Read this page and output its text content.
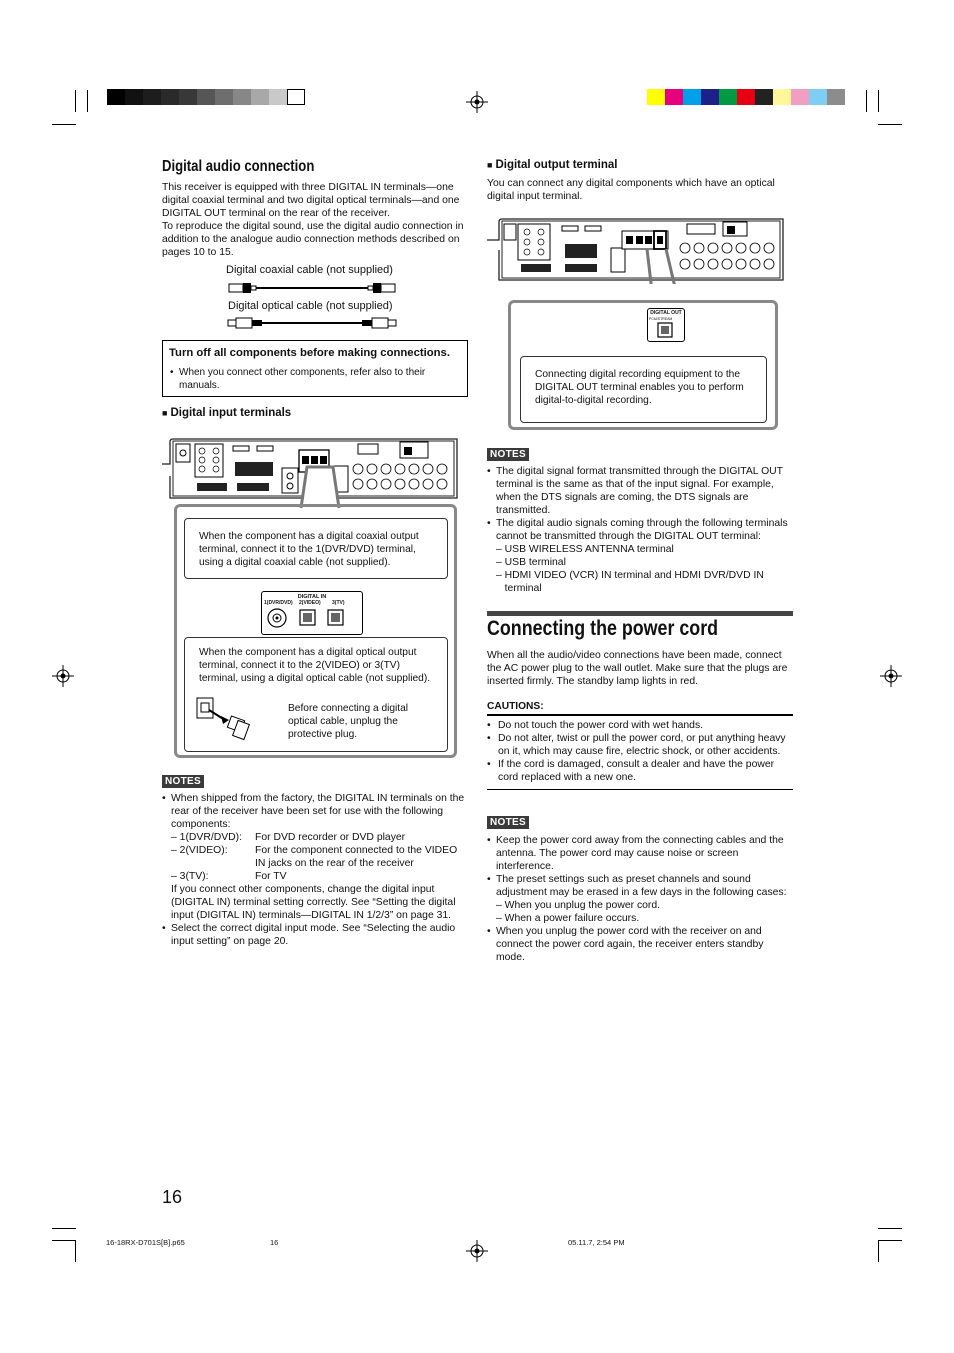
Digital audio connection
This receiver is equipped with three DIGITAL IN terminals—one
digital coaxial terminal and two digital optical terminals—and one
DIGITAL OUT terminal on the rear of the receiver.
To reproduce the digital sound, use the digital audio connection in
addition to the analogue audio connection methods described on
pages 10 to 15.
Digital coaxial cable (not supplied)
Digital optical cable (not supplied)
Turn off all components before making connections.
• When you connect other components, refer also to their
manuals.
■ Digital input terminals
When the component has a digital coaxial output
terminal, connect it to the 1(DVR/DVD) terminal,
using a digital coaxial cable (not supplied).
DIGITAL IN
1(DVR/DVD) 2(VIDEO) 3(TV)
When the component has a digital optical output
terminal, connect it to the 2(VIDEO) or 3(TV)
terminal, using a digital optical cable (not supplied).
Before connecting a digital
optical cable, unplug the
protective plug.
NOTES
• When shipped from the factory, the DIGITAL IN terminals on the
rear of the receiver have been set for use with the following
components:
– 1(DVR/DVD):	For DVD recorder or DVD player
– 2(VIDEO):	For the component connected to the VIDEO
IN jacks on the rear of the receiver
– 3(TV):	For TV
If you connect other components, change the digital input
(DIGITAL IN) terminal setting correctly. See “Setting the digital
input (DIGITAL IN) terminals—DIGITAL IN 1/2/3” on page 31.
• Select the correct digital input mode. See “Selecting the audio
input setting” on page 20.
■ Digital output terminal
You can connect any digital components which have an optical
digital input terminal.
DIGITAL OUT
PCM/STREAM
Connecting digital recording equipment to the
DIGITAL OUT terminal enables you to perform
digital-to-digital recording.
NOTES
• The digital signal format transmitted through the DIGITAL OUT
terminal is the same as that of the input signal. For example,
when the DTS signals are coming, the DTS signals are
transmitted.
• The digital audio signals coming through the following terminals
cannot be transmitted through the DIGITAL OUT terminal:
– USB WIRELESS ANTENNA terminal
– USB terminal
– HDMI VIDEO (VCR) IN terminal and HDMI DVR/DVD IN
terminal
Connecting the power cord
When all the audio/video connections have been made, connect
the AC power plug to the wall outlet. Make sure that the plugs are
inserted firmly. The standby lamp lights in red.
CAUTIONS:
• Do not touch the power cord with wet hands.
• Do not alter, twist or pull the power cord, or put anything heavy
on it, which may cause fire, electric shock, or other accidents.
• If the cord is damaged, consult a dealer and have the power
cord replaced with a new one.
NOTES
• Keep the power cord away from the connecting cables and the
antenna. The power cord may cause noise or screen
interference.
• The preset settings such as preset channels and sound
adjustment may be erased in a few days in the following cases:
– When you unplug the power cord.
– When a power failure occurs.
• When you unplug the power cord with the receiver on and
connect the power cord again, the receiver enters standby
mode.
16
16-18RX-D701S[B].p65	16	05.11.7, 2:54 PM
